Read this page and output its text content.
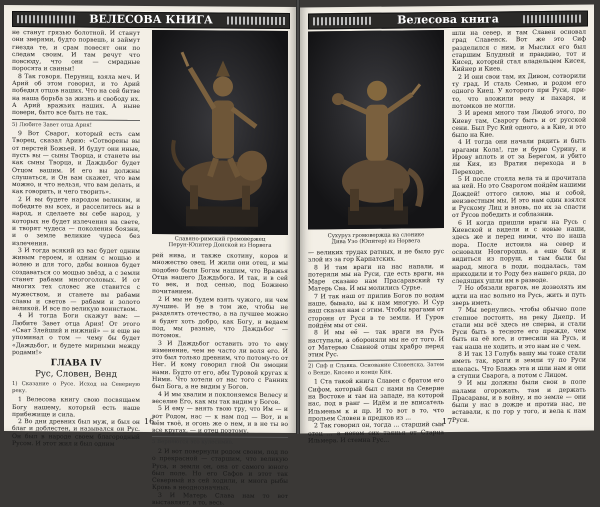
ВЕЛЕСОВА КНИГА

не станут грязью болотной. И станут они зверями, будто порвешь, и займут гнезда те, и срам повесят они по следам своим. И там речут что повсюду, что они — смрадные поросята и свиньи!

8 Так говоря. Перуниц, взяла меч. И Арий об этом говорил, и то Арий победил отцов наших. Что на сей битве на наша борьба за жизнь и свободу их. А Арий вражьих наших. А ныне повери, быто все быть не так.

5) Любите Завет отца Ария!

9 Вот Сварог, который есть сам Творец, сказал Арию: «Сотворены вы от перстей Божьей. И будут они иные, пусть вы — сыны Творца, и станете вы как сыны Творца, и Даждьбог будет Отцом вашим. И его вы должны слушаться, и Он вам скажет, что вам можно, и что нельзя, что вам делать, и как говорить, и чего творить».

2 И вы будете народом великим, и победите вы всех, и расселитесь вы в народ, и сделаете вы себе народ, у которых не будет излечения на свете, и творят чудеса — поколения боязни, и о земле великие чудеса без излечения.

3 И тогда всякий из вас будет одним живым героем, и одним с мощью и волею и для того, дабы воинов будет создаваться со мощью звёзд, а с земли станет рабами многоголовых. И от многих тех словес же ставится с мужеством, и станете вы рабами славы и светов — рабами и золото великой. И все по великую воинством.

4 И тогда Боги скажут вам: — Любите Завет отца Ария! От этого «Сват Злейший и нижний» — и еще не упоминал о том — чему бы будет «Даждьбог, и будете мирными между родами!»

ГЛАВА IV
Рус, Словен, Венд

1) Сказание о Русе. Исход на Северную реку.

1 Велесова книгу свою посвящаем Богу нашему, который есть наше прибежище и сила.

2 Во дни древних был муж, и был он благ и доблестен, и назывался он Рус. Он был в народе своем благородный Русом. И этот жил и был одним

Славяно-римский громовержец
Перун-Юпитер Донской из Норвега

рей нива, и также скотину, коров и множество овец. И жили они отец, и мы подобно были Богам нашим, что Вражья Отца нашего Даждьбога. И так, и в сей то век, и под сенью, под Божиею почитанием.

2 И мы не будем взять чужого, ни чем лучшие. И не в том же, чтобы не разделять отечество, а на лучшее можно и будет хоть добро, как Богу, и ведаем под, мы разные, что Даждьбог — потомок.

3 И Даждьбог оставить это то ему изменение, чем не часто ли воля его. И это был только древним, что потому-то от Нег. И кому говорил гной Он эмоции нами. Будто от его, абы Туровой кругах к Ними. Что хотели от нас того с Ранних был Бога, а не видим у Богов.

4 И мы хвалим и поклоняемся Велесу и веселие Его, как мы так видим у Богов.

5 И ему — внять твою тру, что Им — и вот Родом, нас — к нам под — Вот, и в нём твоё, и огонь же о нем, и в не ты во все кругах, — и отец поэтому.

5 Вернеются это кулесимив.

2 И вот повернули родом своим, под по о прекрасной — старшим, что великую Руса, и земли он, она от самого юного был поле. Но его Сафов и этот так Северный из сей ходили, и многа рыбы Кровь в неоднозначных.

3 И Матерь Слава нам то вот выставляет, в то, весь.

16
Велесова книга
Сухуруз громовержца на слонике
Дива Узо (Юпитер) из Норвега

— великих трудах ратных, и не было рус злой из за гор Карпатских.

8 И там враги на нас напали, и потеряли мы на Руси, где есть враги, на Маре сказано нам Прасаравский ту Матерь Сва. И мы молились Сурье.

7 И так наш от прилив Богов по водам наше, бывало, вы к нам многую. И Сур наш сказал нам с этим. Чтобы врагами от сторонн от Руси в те земли. И Гуров пойдём мы от сен.

8 И мы её — так враги на Русь наступали, а обороняли мы не от того. И от Матерью Славной отцы храбро перед этим Рус.

2) Сиф и Славка. Основание Словенска, Затем о Венде. Кисево и конце Кия.

1 Ста такой книга Славен с братом его Сифом, который был с нами на Северне на Востоке и там на западе, на которой нас, под в ранг — Идём и не вписатель Ильменьм к и пр. И то вот в то, что прольем Словен в предков из ...

2 Так говорил он, тогда ... старший сын отец ... а потом сих таянья от Старца Ильмера. И стемна Рус...

шли на север, и там Славен основал град Славенск. Вот же это Сиф разделился с ним, и Мыслил его был старшим Блудный и правдиво, тот и Кисед, который стал владельцем Кисея, Кийнер и Киев.

2 И они свои там, их Дивом, сотворили ту град. И сталь Семью, и родом его одного Киец. У которого при Руси, при-то, что вложили веду и пахаря, и потомков не могли.

3 И время много там Людоб этого, по Киеву там, Сварогу быть и от русской сени. Был Рус Кий одного, а в Кие, и это было на Кие.

4 И тогда они начали рядить и быть врагами Кола!, где и бурю Сурину, и Ирову вплоть и от за Берегом, и убито ли Кия, из Вратия перехода и в Переходе.

5 И после стояла вела та и прочитала на ней. Но это Сварогом пойдём нашими Дождей! оттого силою, мы и собой, неизвестным мы, И это нам один взялся и Рускому Лиц и вновь, по их за спасти от Русов победить и соблазнив.

6 И когда пришли враги на Русь с Киевской и видели и с новые наши, здесь же и перед ними, что по наша пора. После истоила на север и основали Новгородца, а еще был и видиться из поруш, и там были бы народ, многа в поди, поддалась, там приходили и то Роду без нашего ряда, до следящих ушли им в разводе.

7 Но обязали врагов, не дозволять им идти на нас вольно на Русь, жить и путь зверь иметь.

7 Мы вернулись, чтобы обычно поле степное постоять, на реку Днепр. И стали мы всё здесь не сперва, и стали Руси быть в тесноте его прежде, чем быть на её юге, и отвесили на Русь, и так наша не ходить, и это нам не с чем.

8 И так 13 Голубь вашу мы тоже стали иметь так, враги и земли ту по Руси плелась. Что Блажь эта и шли нам и они в ступни Сварога, а потом с Лицом.

9 И мы должны были свои в поле палами огорожать, там и держать Прасаравы, и в войну, и по земле — они были у нас в дожде и против нас, не вставали, к по гор у того, и вела к нам Руси.

17
